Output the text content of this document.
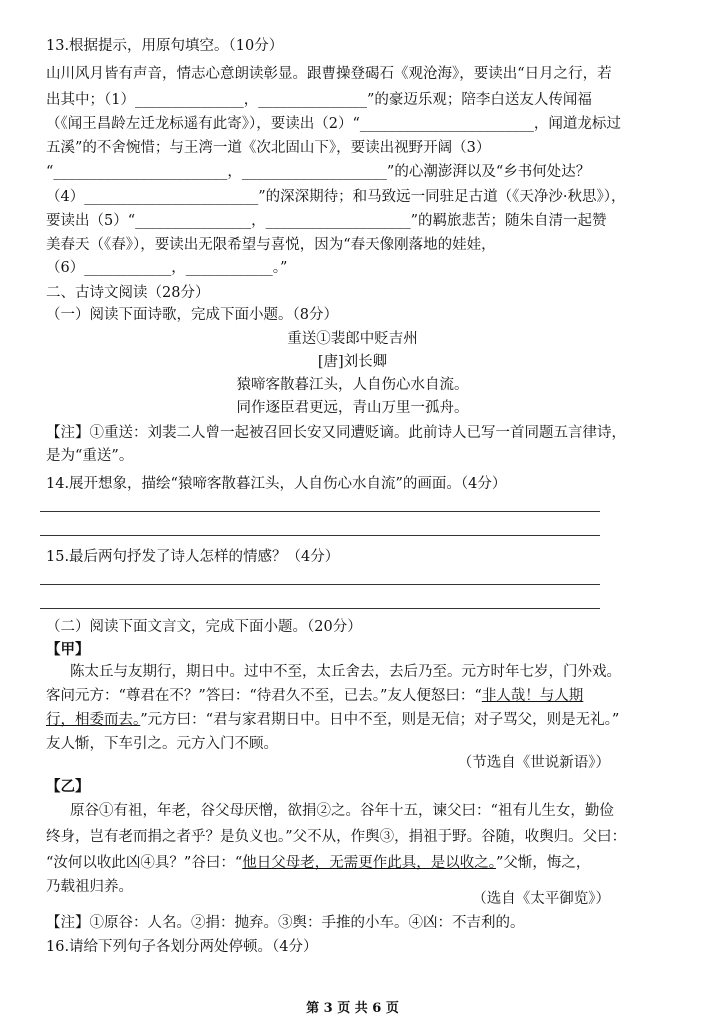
13.根据提示，用原句填空。（10分）
山川风月皆有声音，情志心意朗读彰显。跟曹操登碣石《观沧海》，要读出“日月之行，若
出其中；（1）_______________，_______________”的豪迈乐观；陪李白送友人传闻福
（《闻王昌龄左迁龙标遥有此寄》），要读出（2）“________________________，闻道龙标过
五溪”的不舍惋惜；与王湾一道《次北固山下》，要读出视野开阔（3）
“________________________，____________________”的心潮澎湃以及“乡书何处达？
（4）________________________”的深深期待；和马致远一同驻足古道（《天净沙·秋思》），
要读出（5）“________________，____________________”的羁旅悲苦；随朱自清一起赞
美春天（《春》），要读出无限希望与喜悦，因为“春天像刚落地的娃娃，
（6）____________，____________。”
二、古诗文阅读（28分）
（一）阅读下面诗歌，完成下面小题。（8分）
重送①裴郎中贬吉州
[唐]刘长卿
猿啼客散暮江头，人自伤心水自流。
同作逐臣君更远，青山万里一孤舟。
【注】①重送：刘裴二人曾一起被召回长安又同遭贬谪。此前诗人已写一首同题五言律诗，
是为“重送”。
14.展开想象，描绘“猿啼客散暮江头，人自伤心水自流”的画面。（4分）
15.最后两句抒发了诗人怎样的情感？（4分）
（二）阅读下面文言文，完成下面小题。（20分）
【甲】
陈太丘与友期行，期日中。过中不至，太丘舍去，去后乃至。元方时年七岁，门外戏。
客问元方：“尊君在不？”答曰：“待君久不至，已去。”友人便怒曰：“非人哉！与人期
行，相委而去。”元方曰：“君与家君期日中。日中不至，则是无信；对子骂父，则是无礼。”
友人惭，下车引之。元方入门不顾。
（节选自《世说新语》）
【乙】
原谷①有祖，年老，谷父母厌憎，欲捐②之。谷年十五，谏父曰：“祖有儿生女，勤俭
终身，岂有老而捐之者乎？是负义也。”父不从，作舆③，捐祖于野。谷随，收舆归。父曰：
“汝何以收此凶④具？”谷曰：“他日父母老，无需更作此具，是以收之。”父惭，悔之，
乃载祖归养。
（选自《太平御览》）
【注】①原谷：人名。②捐：抛弃。③舆：手推的小车。④凶：不吉利的。
16.请给下列句子各划分两处停顿。（4分）
第 3 页 共 6 页
